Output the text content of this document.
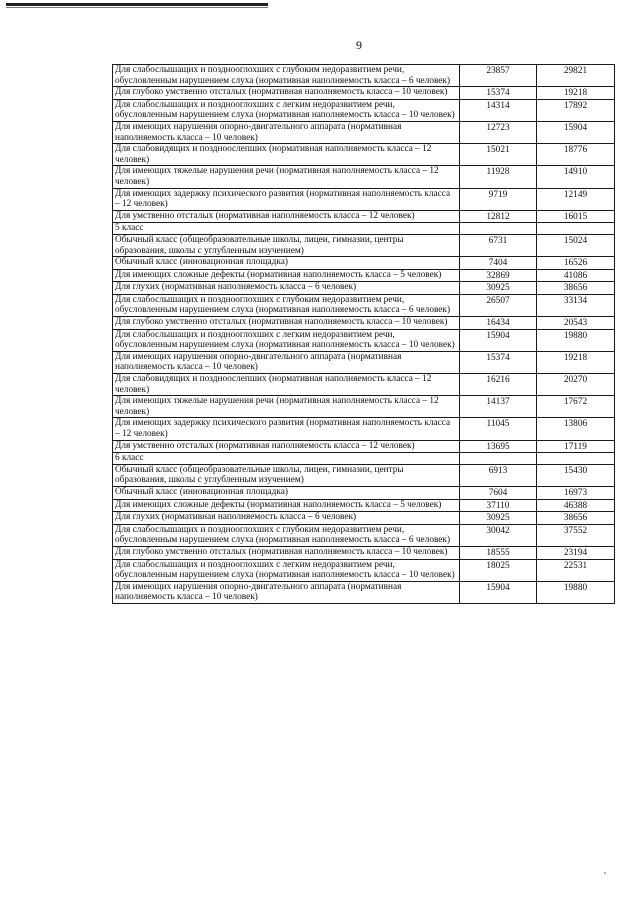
9
Для слабослышащих и позднооглохших с глубоким недоразвитием речи, обусловленным нарушением слуха (нормативная наполняемость класса – 6 человек)	23857	29821
Для глубоко умственно отсталых (нормативная наполняемость класса – 10 человек)	15374	19218
Для слабослышащих и позднооглохших с легким недоразвитием речи, обусловленным нарушением слуха (нормативная наполняемость класса – 10 человек)	14314	17892
Для имеющих нарушения опорно-двигательного аппарата (нормативная наполняемость класса – 10 человек)	12723	15904
Для слабовидящих и поздноослепших (нормативная наполняемость класса – 12 человек)	15021	18776
Для имеющих тяжелые нарушения речи (нормативная наполняемость класса – 12 человек)	11928	14910
Для имеющих задержку психического развития (нормативная наполняемость класса – 12 человек)	9719	12149
Для умственно отсталых (нормативная наполняемость класса – 12 человек)	12812	16015
5 класс		
Обычный класс (общеобразовательные школы, лицеи, гимназии, центры образования, школы с углубленным изучением)	6731	15024
Обычный класс (инновационная площадка)	7404	16526
Для имеющих сложные дефекты (нормативная наполняемость класса – 5 человек)	32869	41086
Для глухих (нормативная наполняемость класса – 6 человек)	30925	38656
Для слабослышащих и позднооглохших с глубоким недоразвитием речи, обусловленным нарушением слуха (нормативная наполняемость класса – 6 человек)	26507	33134
Для глубоко умственно отсталых (нормативная наполняемость класса – 10 человек)	16434	20543
Для слабослышащих и позднооглохших с легким недоразвитием речи, обусловленным нарушением слуха (нормативная наполняемость класса – 10 человек)	15904	19880
Для имеющих нарушения опорно-двигательного аппарата (нормативная наполняемость класса – 10 человек)	15374	19218
Для слабовидящих и поздноослепших (нормативная наполняемость класса – 12 человек)	16216	20270
Для имеющих тяжелые нарушения речи (нормативная наполняемость класса – 12 человек)	14137	17672
Для имеющих задержку психического развития (нормативная наполняемость класса – 12 человек)	11045	13806
Для умственно отсталых (нормативная наполняемость класса – 12 человек)	13695	17119
6 класс		
Обычный класс (общеобразовательные школы, лицеи, гимназии, центры образования, школы с углубленным изучением)	6913	15430
Обычный класс (инновационная площадка)	7604	16973
Для имеющих сложные дефекты (нормативная наполняемость класса – 5 человек)	37110	46388
Для глухих (нормативная наполняемость класса – 6 человек)	30925	38656
Для слабослышащих и позднооглохших с глубоким недоразвитием речи, обусловленным нарушением слуха (нормативная наполняемость класса – 6 человек)	30042	37552
Для глубоко умственно отсталых (нормативная наполняемость класса – 10 человек)	18555	23194
Для слабослышащих и позднооглохших с легким недоразвитием речи, обусловленным нарушением слуха (нормативная наполняемость класса – 10 человек)	18025	22531
Для имеющих нарушения опорно-двигательного аппарата (нормативная наполняемость класса – 10 человек)	15904	19880
